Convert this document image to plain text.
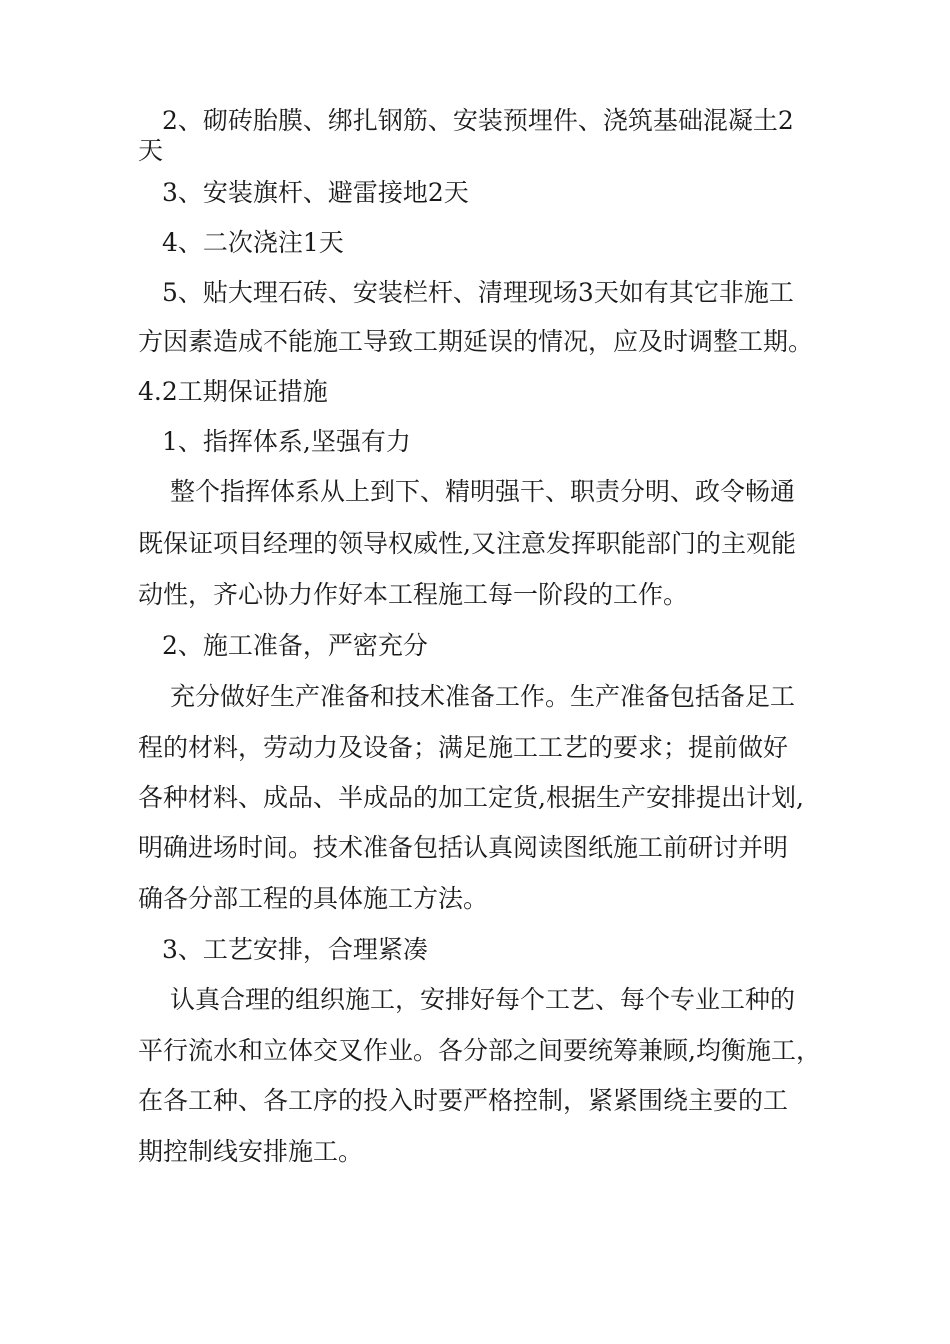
2、砌砖胎膜、绑扎钢筋、安装预埋件、浇筑基础混凝土2
天
3、安装旗杆、避雷接地2天
4、二次浇注1天
5、贴大理石砖、安装栏杆、清理现场3天如有其它非施工
方因素造成不能施工导致工期延误的情况，应及时调整工期。
4.2工期保证措施
1、指挥体系,坚强有力
整个指挥体系从上到下、精明强干、职责分明、政令畅通
既保证项目经理的领导权威性,又注意发挥职能部门的主观能
动性，齐心协力作好本工程施工每一阶段的工作。
2、施工准备，严密充分
充分做好生产准备和技术准备工作。生产准备包括备足工
程的材料，劳动力及设备；满足施工工艺的要求；提前做好
各种材料、成品、半成品的加工定货,根据生产安排提出计划,
明确进场时间。技术准备包括认真阅读图纸施工前研讨并明
确各分部工程的具体施工方法。
3、工艺安排，合理紧凑
认真合理的组织施工，安排好每个工艺、每个专业工种的
平行流水和立体交叉作业。各分部之间要统筹兼顾,均衡施工，
在各工种、各工序的投入时要严格控制，紧紧围绕主要的工
期控制线安排施工。
